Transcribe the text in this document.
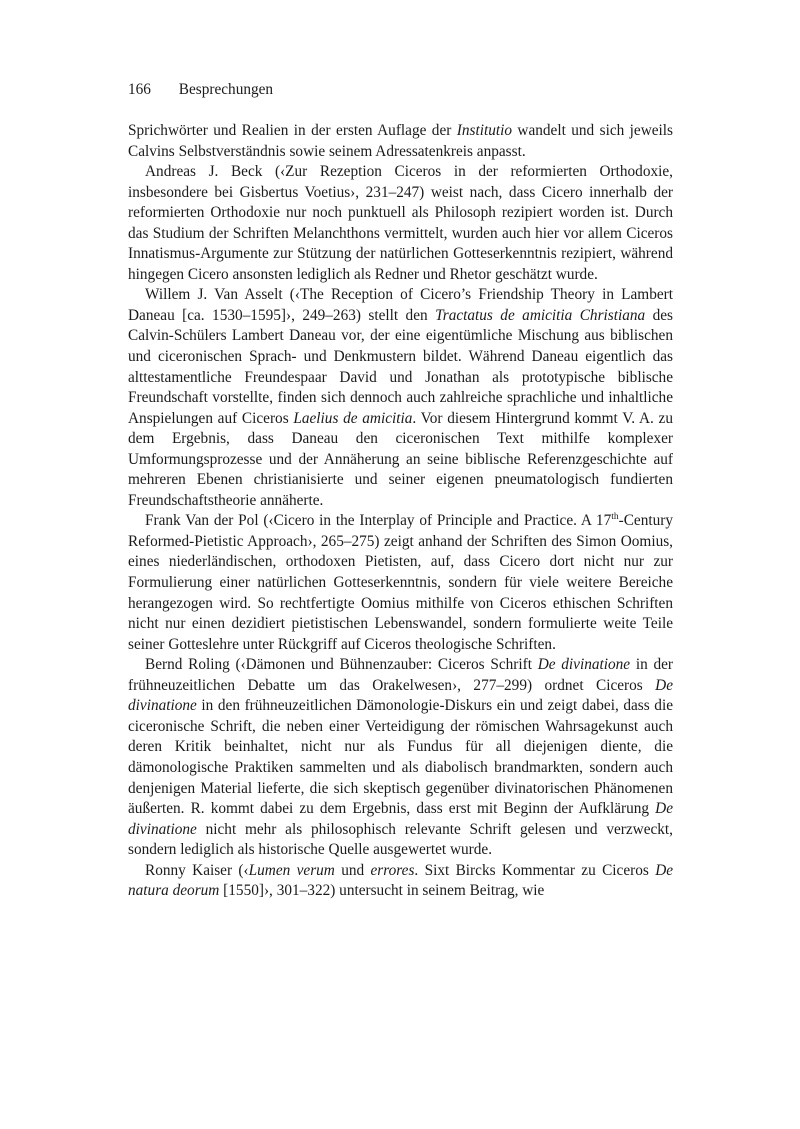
166 Besprechungen

Sprichwörter und Realien in der ersten Auflage der Institutio wandelt und sich jeweils Calvins Selbstverständnis sowie seinem Adressatenkreis anpasst.

Andreas J. Beck (‹Zur Rezeption Ciceros in der reformierten Orthodoxie, insbesondere bei Gisbertus Voetius›, 231–247) weist nach, dass Cicero innerhalb der reformierten Orthodoxie nur noch punktuell als Philosoph rezipiert worden ist. Durch das Studium der Schriften Melanchthons vermittelt, wurden auch hier vor allem Ciceros Innatismus-Argumente zur Stützung der natürlichen Gotteserkenntnis rezipiert, während hingegen Cicero ansonsten lediglich als Redner und Rhetor geschätzt wurde.

Willem J. Van Asselt (‹The Reception of Cicero’s Friendship Theory in Lambert Daneau [ca. 1530–1595]›, 249–263) stellt den Tractatus de amicitia Christiana des Calvin-Schülers Lambert Daneau vor, der eine eigentümliche Mischung aus biblischen und ciceronischen Sprach- und Denkmustern bildet. Während Daneau eigentlich das alttestamentliche Freundespaar David und Jonathan als prototypische biblische Freundschaft vorstellte, finden sich dennoch auch zahlreiche sprachliche und inhaltliche Anspielungen auf Ciceros Laelius de amicitia. Vor diesem Hintergrund kommt V. A. zu dem Ergebnis, dass Daneau den ciceronischen Text mithilfe komplexer Umformungsprozesse und der Annäherung an seine biblische Referenzgeschichte auf mehreren Ebenen christianisierte und seiner eigenen pneumatologisch fundierten Freundschaftstheorie annäherte.

Frank Van der Pol (‹Cicero in the Interplay of Principle and Practice. A 17th-Century Reformed-Pietistic Approach›, 265–275) zeigt anhand der Schriften des Simon Oomius, eines niederländischen, orthodoxen Pietisten, auf, dass Cicero dort nicht nur zur Formulierung einer natürlichen Gotteserkenntnis, sondern für viele weitere Bereiche herangezogen wird. So rechtfertigte Oomius mithilfe von Ciceros ethischen Schriften nicht nur einen dezidiert pietistischen Lebenswandel, sondern formulierte weite Teile seiner Gotteslehre unter Rückgriff auf Ciceros theologische Schriften.

Bernd Roling (‹Dämonen und Bühnenzauber: Ciceros Schrift De divinatione in der frühneuzeitlichen Debatte um das Orakelwesen›, 277–299) ordnet Ciceros De divinatione in den frühneuzeitlichen Dämonologie-Diskurs ein und zeigt dabei, dass die ciceronische Schrift, die neben einer Verteidigung der römischen Wahrsagekunst auch deren Kritik beinhaltet, nicht nur als Fundus für all diejenigen diente, die dämonologische Praktiken sammelten und als diabolisch brandmarkten, sondern auch denjenigen Material lieferte, die sich skeptisch gegenüber divinatorischen Phänomenen äußerten. R. kommt dabei zu dem Ergebnis, dass erst mit Beginn der Aufklärung De divinatione nicht mehr als philosophisch relevante Schrift gelesen und verzweckt, sondern lediglich als historische Quelle ausgewertet wurde.

Ronny Kaiser (‹Lumen verum und errores. Sixt Bircks Kommentar zu Ciceros De natura deorum [1550]›, 301–322) untersucht in seinem Beitrag, wie
